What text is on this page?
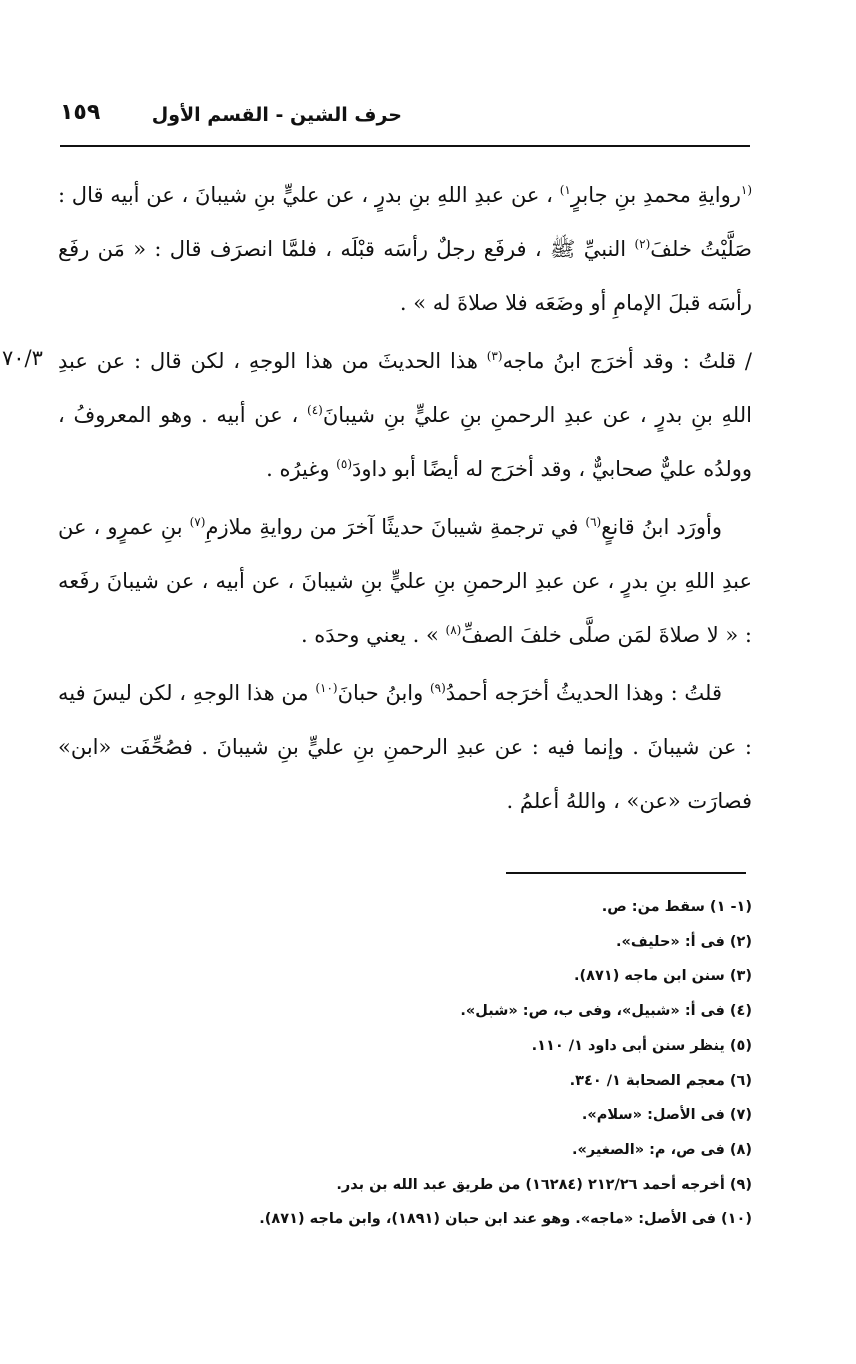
حرف الشين - القسم الأول
١٥٩
٧٠/٣

$^{(١}$روايةِ محمدِ بنِ جابرٍ$^{١)}$ ، عن عبدِ اللهِ بنِ بدرٍ ، عن عليٍّ بنِ شيبانَ ، عن أبيه قال : صَلَّيْتُ خلفَ$^{(٢)}$ النبيِّ ﷺ ، فرفَع رجلٌ رأسَه قبْلَه ، فلمَّا انصرَف قال : « مَن رفَع رأسَه قبلَ الإمامِ أو وضَعَه فلا صلاةَ له » .

/ قلتُ : وقد أخرَج ابنُ ماجه$^{(٣)}$ هذا الحديثَ من هذا الوجهِ ، لكن قال : عن عبدِ اللهِ بنِ بدرٍ ، عن عبدِ الرحمنِ بنِ عليٍّ بنِ شيبانَ$^{(٤)}$ ، عن أبيه . وهو المعروفُ ، وولدُه عليٌّ صحابيٌّ ، وقد أخرَج له أيضًا أبو داودَ$^{(٥)}$ وغيرُه .

وأورَد ابنُ قانعٍ$^{(٦)}$ في ترجمةِ شيبانَ حديثًا آخرَ من روايةِ ملازمِ$^{(٧)}$ بنِ عمرٍو ، عن عبدِ اللهِ بنِ بدرٍ ، عن عبدِ الرحمنِ بنِ عليٍّ بنِ شيبانَ ، عن أبيه ، عن شيبانَ رفَعه : « لا صلاةَ لمَن صلَّى خلفَ الصفِّ$^{(٨)}$ » . يعني وحدَه .

قلتُ : وهذا الحديثُ أخرَجه أحمدُ$^{(٩)}$ وابنُ حبانَ$^{(١٠)}$ من هذا الوجهِ ، لكن ليسَ فيه : عن شيبانَ . وإنما فيه : عن عبدِ الرحمنِ بنِ عليٍّ بنِ شيبانَ . فصُحِّفَت «ابن» فصارَت «عن» ، واللهُ أعلمُ .

(١- ١) سقط من: ص.
(٢) فى أ: «حليف».
(٣) سنن ابن ماجه (٨٧١).
(٤) فى أ: «شبيل»، وفى ب، ص: «شبل».
(٥) ينظر سنن أبى داود ١/ ١١٠.
(٦) معجم الصحابة ١/ ٣٤٠.
(٧) فى الأصل: «سلام».
(٨) فى ص، م: «الصغير».
(٩) أخرجه أحمد ٢١٢/٢٦ (١٦٢٨٤) من طريق عبد الله بن بدر.
(١٠) فى الأصل: «ماجه». وهو عند ابن حبان (١٨٩١)، وابن ماجه (٨٧١).
